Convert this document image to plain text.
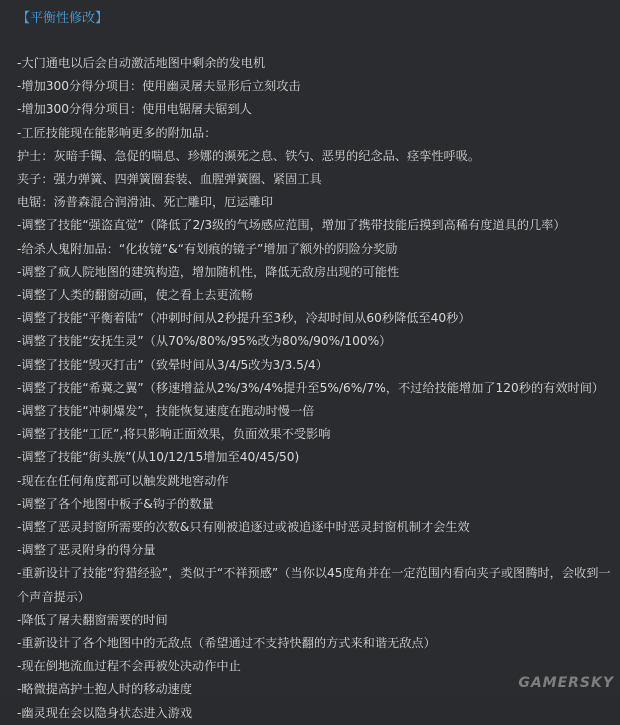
【平衡性修改】
-大门通电以后会自动激活地图中剩余的发电机
-增加300分得分项目：使用幽灵屠夫显形后立刻攻击
-增加300分得分项目：使用电锯屠夫锯到人
-工匠技能现在能影响更多的附加品：
护士：灰暗手镯、急促的喘息、珍娜的濒死之息、铁勺、恶男的纪念品、痉挛性呼吸。
夹子：强力弹簧、四弹簧圈套装、血腥弹簧圈、紧固工具
电锯：汤普森混合润滑油、死亡雕印，厄运雕印
-调整了技能“强盗直觉”（降低了2/3级的气场感应范围，增加了携带技能后摸到高稀有度道具的几率）
-给杀人鬼附加品：“化妆镜”&“有划痕的镜子”增加了额外的阴险分奖励
-调整了疯人院地图的建筑构造，增加随机性，降低无敌房出现的可能性
-调整了人类的翻窗动画，使之看上去更流畅
-调整了技能“平衡着陆”（冲刺时间从2秒提升至3秒，冷却时间从60秒降低至40秒）
-调整了技能“安抚生灵”（从70%/80%/95%改为80%/90%/100%）
-调整了技能“毁灭打击”（致晕时间从3/4/5改为3/3.5/4）
-调整了技能“希冀之翼”（移速增益从2%/3%/4%提升至5%/6%/7%，不过给技能增加了120秒的有效时间）
-调整了技能“冲刺爆发”，技能恢复速度在跑动时慢一倍
-调整了技能“工匠”,将只影响正面效果，负面效果不受影响
-调整了技能“街头族”(从10/12/15增加至40/45/50)
-现在在任何角度都可以触发跳地窖动作
-调整了各个地图中板子&钩子的数量
-调整了恶灵封窗所需要的次数&只有刚被追逐过或被追逐中时恶灵封窗机制才会生效
-调整了恶灵附身的得分量
-重新设计了技能“狩猎经验”，类似于“不祥预感”（当你以45度角并在一定范围内看向夹子或图腾时，会收到一个声音提示）
-降低了屠夫翻窗需要的时间
-重新设计了各个地图中的无敌点（希望通过不支持快翻的方式来和谐无敌点）
-现在倒地流血过程不会再被处决动作中止
-略微提高护士抱人时的移动速度
-幽灵现在会以隐身状态进入游戏
GAMERSKY
